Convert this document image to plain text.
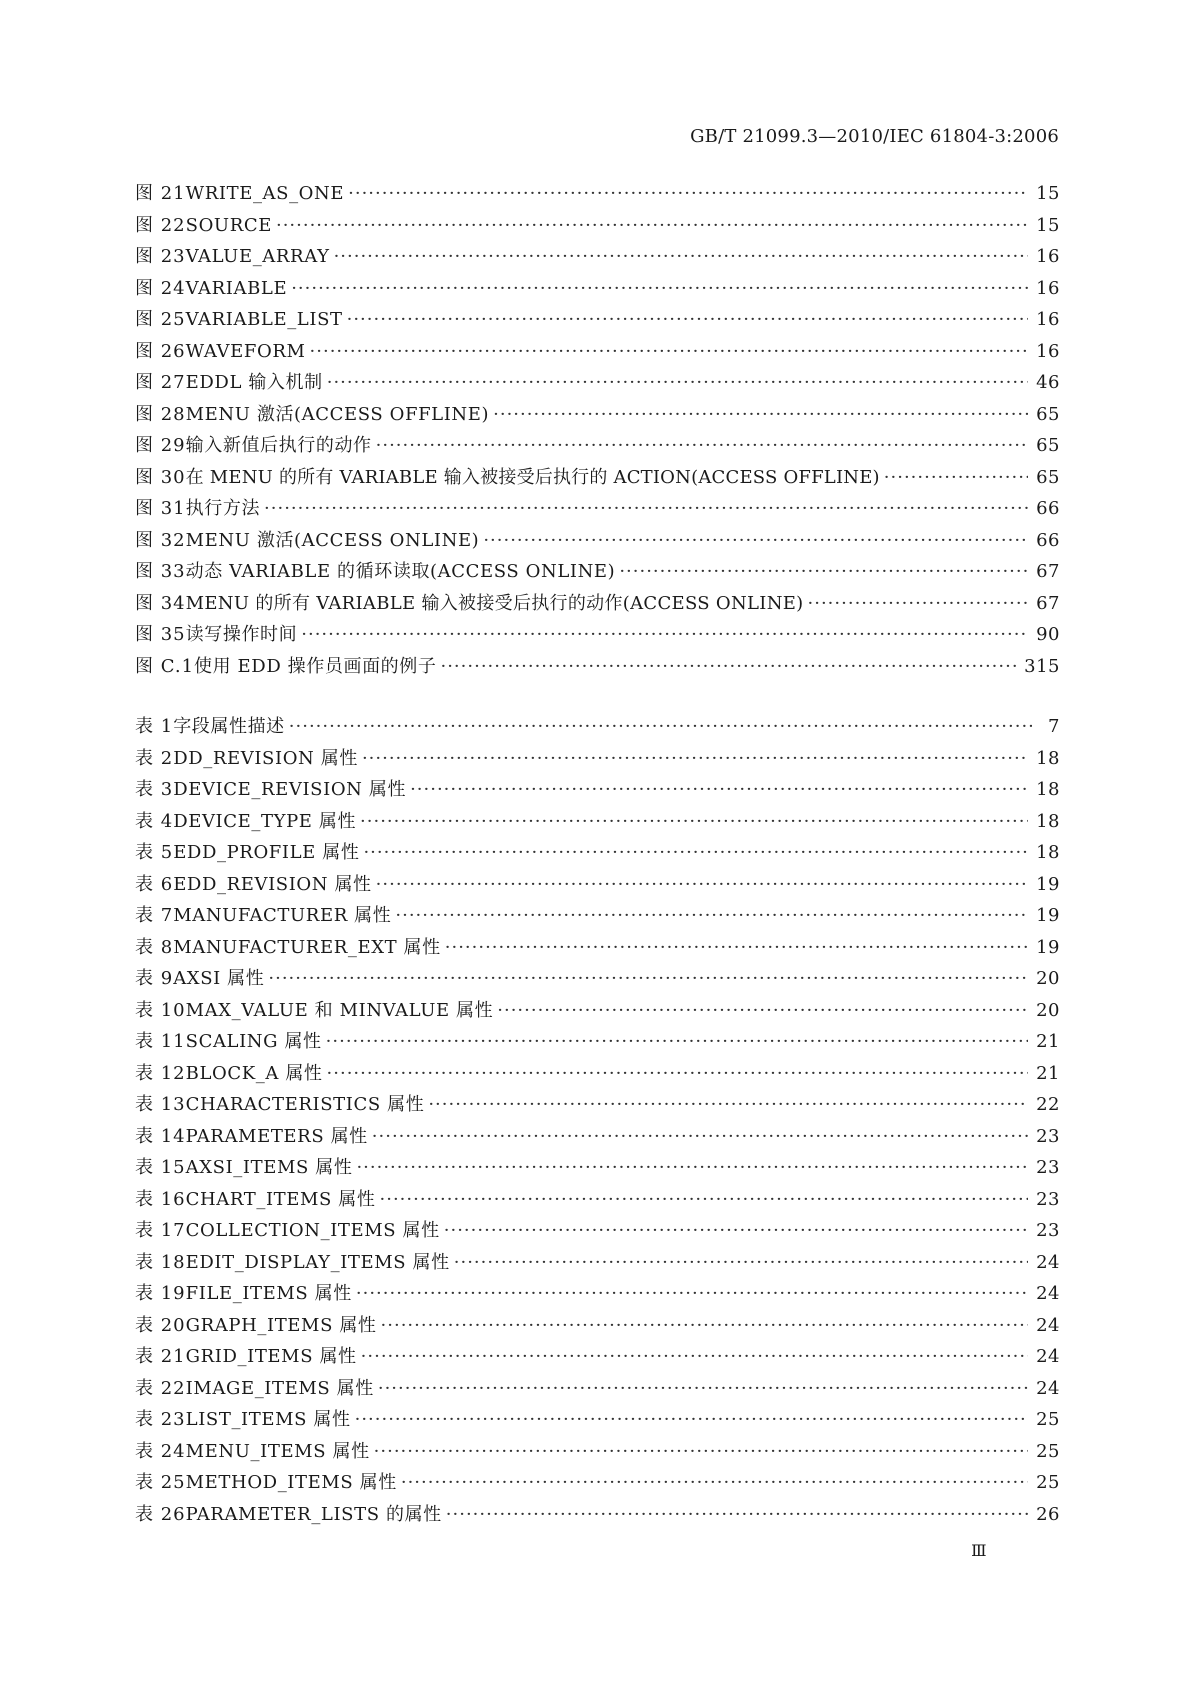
GB/T 21099.3—2010/IEC 61804-3:2006
图 21 WRITE_AS_ONE ·····	15
图 22 SOURCE ·····	15
图 23 VALUE_ARRAY ·····	16
图 24 VARIABLE ·····	16
图 25 VARIABLE_LIST ·····	16
图 26 WAVEFORM ·····	16
图 27 EDDL 输入机制 ·····	46
图 28 MENU 激活(ACCESS OFFLINE) ·····	65
图 29 输入新值后执行的动作 ·····	65
图 30 在 MENU 的所有 VARIABLE 输入被接受后执行的 ACTION(ACCESS OFFLINE) ·····	65
图 31 执行方法 ·····	66
图 32 MENU 激活(ACCESS ONLINE) ·····	66
图 33 动态 VARIABLE 的循环读取(ACCESS ONLINE) ·····	67
图 34 MENU 的所有 VARIABLE 输入被接受后执行的动作(ACCESS ONLINE) ·····	67
图 35 读写操作时间 ·····	90
图 C.1 使用 EDD 操作员画面的例子 ·····	315
表 1 字段属性描述 ·····	7
表 2 DD_REVISION 属性 ·····	18
表 3 DEVICE_REVISION 属性 ·····	18
表 4 DEVICE_TYPE 属性 ·····	18
表 5 EDD_PROFILE 属性 ·····	18
表 6 EDD_REVISION 属性 ·····	19
表 7 MANUFACTURER 属性 ·····	19
表 8 MANUFACTURER_EXT 属性 ·····	19
表 9 AXSI 属性 ·····	20
表 10 MAX_VALUE 和 MINVALUE 属性 ·····	20
表 11 SCALING 属性 ·····	21
表 12 BLOCK_A 属性 ·····	21
表 13 CHARACTERISTICS 属性 ·····	22
表 14 PARAMETERS 属性 ·····	23
表 15 AXSI_ITEMS 属性 ·····	23
表 16 CHART_ITEMS 属性 ·····	23
表 17 COLLECTION_ITEMS 属性 ·····	23
表 18 EDIT_DISPLAY_ITEMS 属性 ·····	24
表 19 FILE_ITEMS 属性 ·····	24
表 20 GRAPH_ITEMS 属性 ·····	24
表 21 GRID_ITEMS 属性 ·····	24
表 22 IMAGE_ITEMS 属性 ·····	24
表 23 LIST_ITEMS 属性 ·····	25
表 24 MENU_ITEMS 属性 ·····	25
表 25 METHOD_ITEMS 属性 ·····	25
表 26 PARAMETER_LISTS 的属性 ·····	26
Ⅲ
